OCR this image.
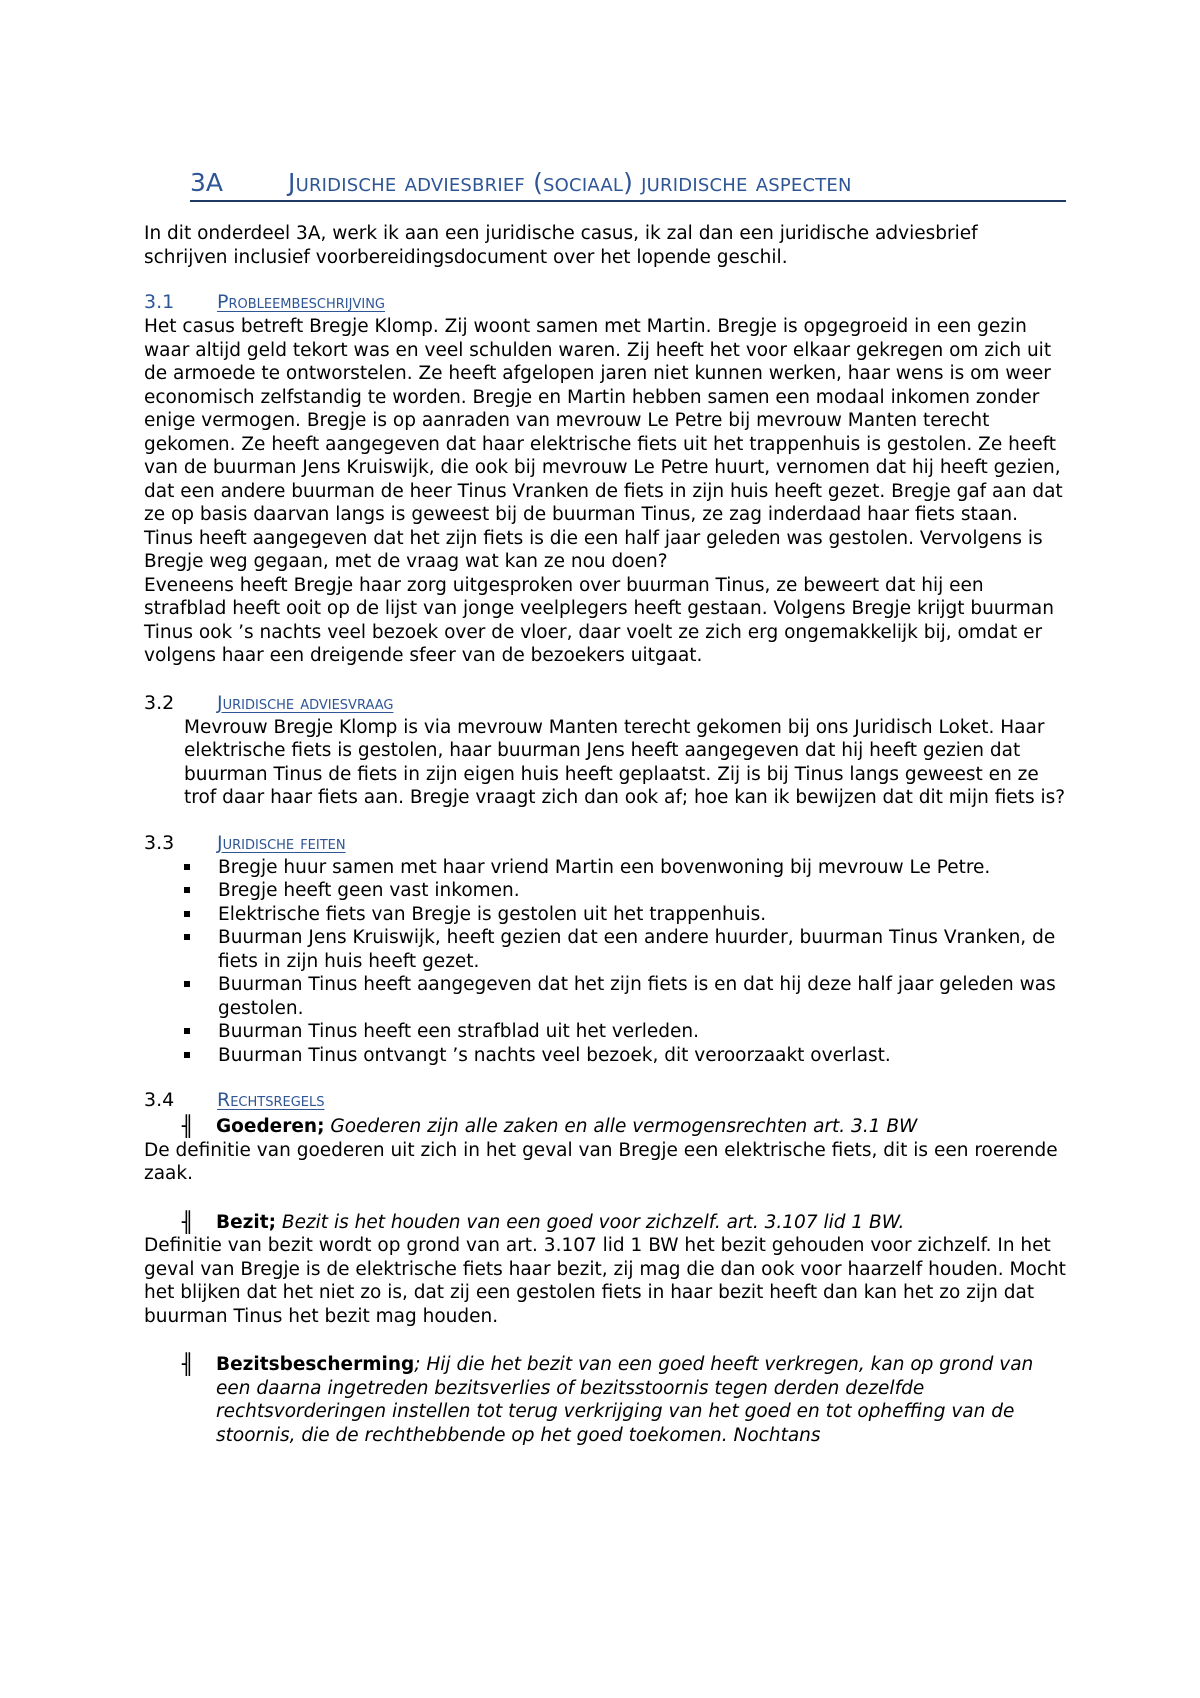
3A	Juridische adviesbrief (sociaal) juridische aspecten

In dit onderdeel 3A, werk ik aan een juridische casus, ik zal dan een juridische adviesbrief schrijven inclusief voorbereidingsdocument over het lopende geschil.

3.1	Probleembeschrijving

Het casus betreft Bregje Klomp. Zij woont samen met Martin. Bregje is opgegroeid in een gezin waar altijd geld tekort was en veel schulden waren. Zij heeft het voor elkaar gekregen om zich uit de armoede te ontworstelen. Ze heeft afgelopen jaren niet kunnen werken, haar wens is om weer economisch zelfstandig te worden. Bregje en Martin hebben samen een modaal inkomen zonder enige vermogen. Bregje is op aanraden van mevrouw Le Petre bij mevrouw Manten terecht gekomen. Ze heeft aangegeven dat haar elektrische fiets uit het trappenhuis is gestolen. Ze heeft van de buurman Jens Kruiswijk, die ook bij mevrouw Le Petre huurt, vernomen dat hij heeft gezien, dat een andere buurman de heer Tinus Vranken de fiets in zijn huis heeft gezet. Bregje gaf aan dat ze op basis daarvan langs is geweest bij de buurman Tinus, ze zag inderdaad haar fiets staan. Tinus heeft aangegeven dat het zijn fiets is die een half jaar geleden was gestolen. Vervolgens is Bregje weg gegaan, met de vraag wat kan ze nou doen?

Eveneens heeft Bregje haar zorg uitgesproken over buurman Tinus, ze beweert dat hij een strafblad heeft ooit op de lijst van jonge veelplegers heeft gestaan. Volgens Bregje krijgt buurman Tinus ook ’s nachts veel bezoek over de vloer, daar voelt ze zich erg ongemakkelijk bij, omdat er volgens haar een dreigende sfeer van de bezoekers uitgaat.

3.2	Juridische adviesvraag

Mevrouw Bregje Klomp is via mevrouw Manten terecht gekomen bij ons Juridisch Loket. Haar elektrische fiets is gestolen, haar buurman Jens heeft aangegeven dat hij heeft gezien dat buurman Tinus de fiets in zijn eigen huis heeft geplaatst. Zij is bij Tinus langs geweest en ze trof daar haar fiets aan. Bregje vraagt zich dan ook af; hoe kan ik bewijzen dat dit mijn fiets is?

3.3	Juridische feiten
Bregje huur samen met haar vriend Martin een bovenwoning bij mevrouw Le Petre.
Bregje heeft geen vast inkomen.
Elektrische fiets van Bregje is gestolen uit het trappenhuis.
Buurman Jens Kruiswijk, heeft gezien dat een andere huurder, buurman Tinus Vranken, de fiets in zijn huis heeft gezet.
Buurman Tinus heeft aangegeven dat het zijn fiets is en dat hij deze half jaar geleden was gestolen.
Buurman Tinus heeft een strafblad uit het verleden.
Buurman Tinus ontvangt ’s nachts veel bezoek, dit veroorzaakt overlast.
3.4	Rechtsregels
╢	Goederen; Goederen zijn alle zaken en alle vermogensrechten art. 3.1 BW

De definitie van goederen uit zich in het geval van Bregje een elektrische fiets, dit is een roerende zaak.

╢	Bezit; Bezit is het houden van een goed voor zichzelf. art. 3.107 lid 1 BW.

Definitie van bezit wordt op grond van art. 3.107 lid 1 BW het bezit gehouden voor zichzelf. In het geval van Bregje is de elektrische fiets haar bezit, zij mag die dan ook voor haarzelf houden. Mocht het blijken dat het niet zo is, dat zij een gestolen fiets in haar bezit heeft dan kan het zo zijn dat buurman Tinus het bezit mag houden.

╢	Bezitsbescherming; Hij die het bezit van een goed heeft verkregen, kan op grond van een daarna ingetreden bezitsverlies of bezitsstoornis tegen derden dezelfde rechtsvorderingen instellen tot terug verkrijging van het goed en tot opheffing van de stoornis, die de rechthebbende op het goed toekomen. Nochtans
